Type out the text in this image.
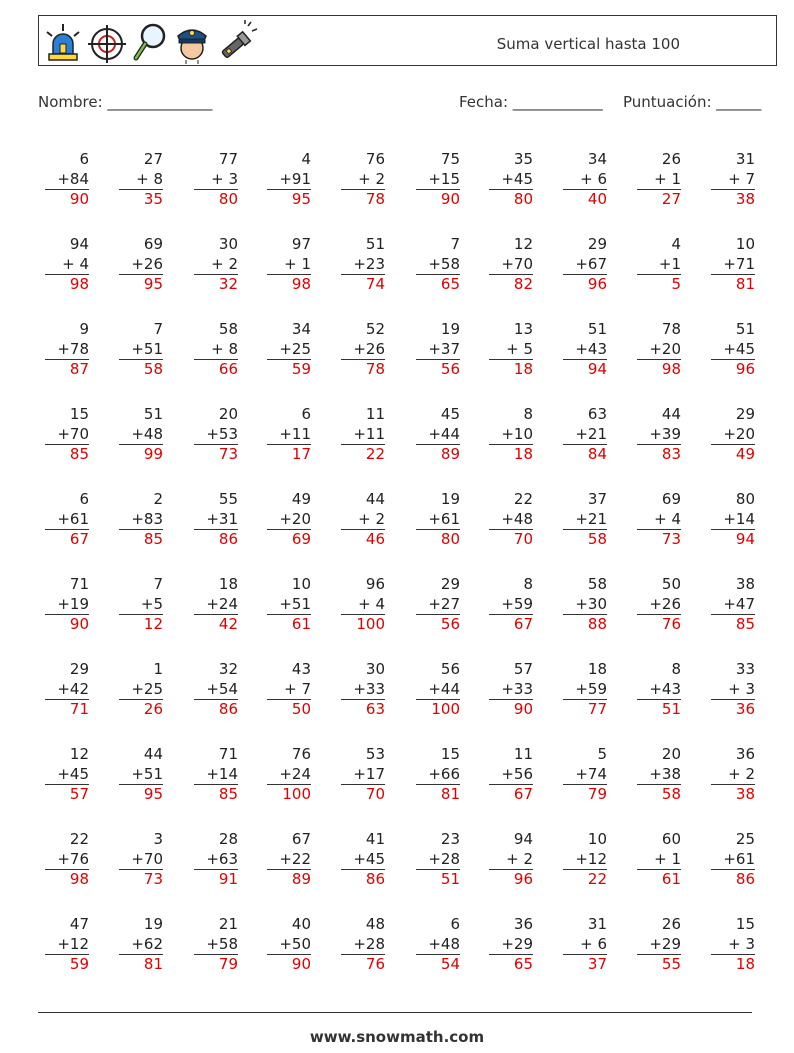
Suma vertical hasta 100
Nombre: ______________	Fecha: ____________ Puntuación: ______
6
+84
90
27
+ 8
35
77
+ 3
80
4
+91
95
76
+ 2
78
75
+15
90
35
+45
80
34
+ 6
40
26
+ 1
27
31
+ 7
38
94
+ 4
98
69
+26
95
30
+ 2
32
97
+ 1
98
51
+23
74
7
+58
65
12
+70
82
29
+67
96
4
+1
5
10
+71
81
9
+78
87
7
+51
58
58
+ 8
66
34
+25
59
52
+26
78
19
+37
56
13
+ 5
18
51
+43
94
78
+20
98
51
+45
96
15
+70
85
51
+48
99
20
+53
73
6
+11
17
11
+11
22
45
+44
89
8
+10
18
63
+21
84
44
+39
83
29
+20
49
6
+61
67
2
+83
85
55
+31
86
49
+20
69
44
+ 2
46
19
+61
80
22
+48
70
37
+21
58
69
+ 4
73
80
+14
94
71
+19
90
7
+5
12
18
+24
42
10
+51
61
96
+ 4
100
29
+27
56
8
+59
67
58
+30
88
50
+26
76
38
+47
85
29
+42
71
1
+25
26
32
+54
86
43
+ 7
50
30
+33
63
56
+44
100
57
+33
90
18
+59
77
8
+43
51
33
+ 3
36
12
+45
57
44
+51
95
71
+14
85
76
+24
100
53
+17
70
15
+66
81
11
+56
67
5
+74
79
20
+38
58
36
+ 2
38
22
+76
98
3
+70
73
28
+63
91
67
+22
89
41
+45
86
23
+28
51
94
+ 2
96
10
+12
22
60
+ 1
61
25
+61
86
47
+12
59
19
+62
81
21
+58
79
40
+50
90
48
+28
76
6
+48
54
36
+29
65
31
+ 6
37
26
+29
55
15
+ 3
18
www.snowmath.com
